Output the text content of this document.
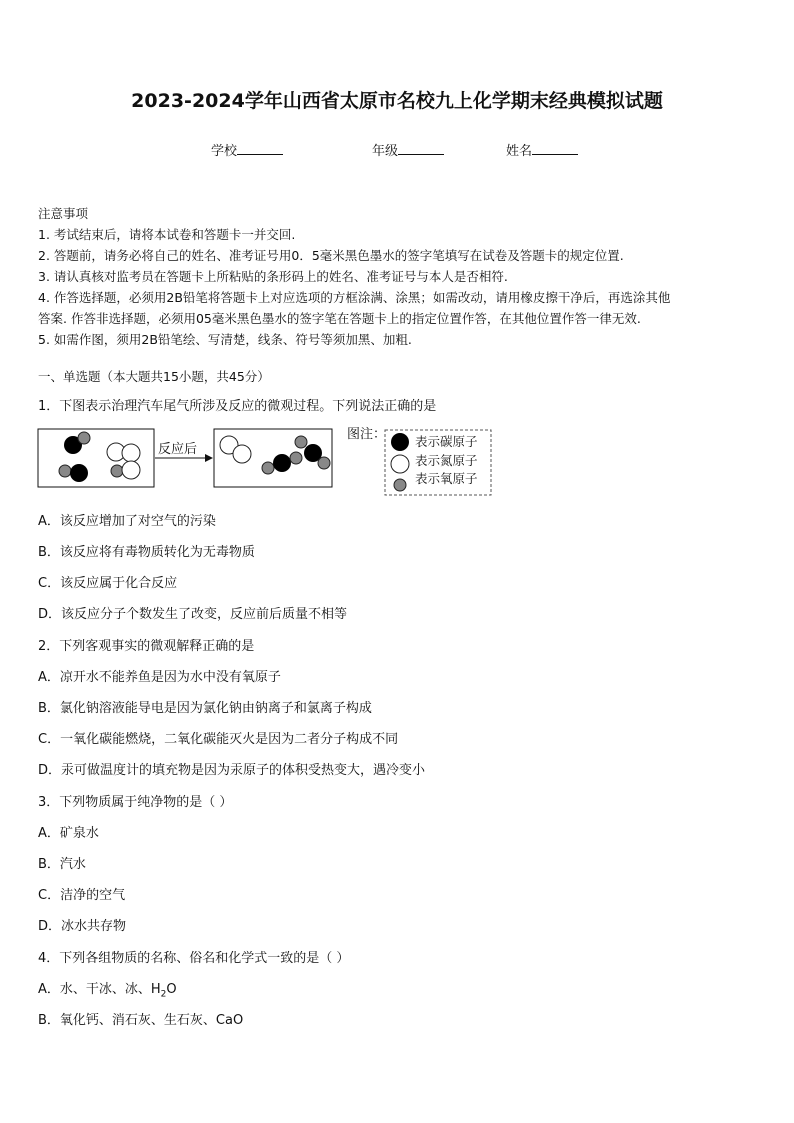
2023-2024学年山西省太原市名校九上化学期末经典模拟试题
学校	年级	姓名
注意事项
1. 考试结束后，请将本试卷和答题卡一并交回.
2. 答题前，请务必将自己的姓名、准考证号用0．5毫米黑色墨水的签字笔填写在试卷及答题卡的规定位置.
3. 请认真核对监考员在答题卡上所粘贴的条形码上的姓名、准考证号与本人是否相符.
4. 作答选择题，必须用2B铅笔将答题卡上对应选项的方框涂满、涂黑；如需改动，请用橡皮擦干净后，再选涂其他
答案. 作答非选择题，必须用05毫米黑色墨水的签字笔在答题卡上的指定位置作答，在其他位置作答一律无效.
5. 如需作图，须用2B铅笔绘、写清楚，线条、符号等须加黑、加粗.
一、单选题（本大题共15小题，共45分）
1．下图表示治理汽车尾气所涉及反应的微观过程。下列说法正确的是
反应后
图注： 表示碳原子
表示氮原子
表示氧原子
A．该反应增加了对空气的污染
B．该反应将有毒物质转化为无毒物质
C．该反应属于化合反应
D．该反应分子个数发生了改变，反应前后质量不相等
2．下列客观事实的微观解释正确的是
A．凉开水不能养鱼是因为水中没有氧原子
B．氯化钠溶液能导电是因为氯化钠由钠离子和氯离子构成
C．一氧化碳能燃烧，二氧化碳能灭火是因为二者分子构成不同
D．汞可做温度计的填充物是因为汞原子的体积受热变大，遇冷变小
3．下列物质属于纯净物的是（ ）
A．矿泉水
B．汽水
C．洁净的空气
D．冰水共存物
4．下列各组物质的名称、俗名和化学式一致的是（ ）
A．水、干冰、冰、$H_2O$
B．氧化钙、消石灰、生石灰、CaO
